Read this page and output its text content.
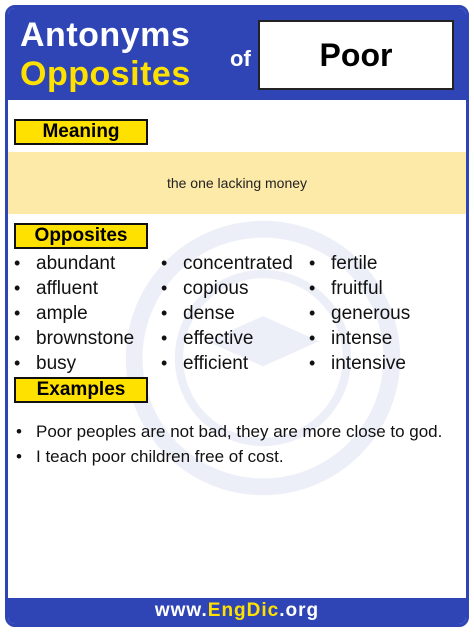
Antonyms
Opposites of Poor
Meaning
the one lacking money
Opposites
• abundant
• affluent
• ample
• brownstone
• busy
• concentrated
• copious
• dense
• effective
• efficient
• fertile
• fruitful
• generous
• intense
• intensive
Examples
• Poor peoples are not bad, they are more close to god.
• I teach poor children free of cost.
www. EngDic .org
